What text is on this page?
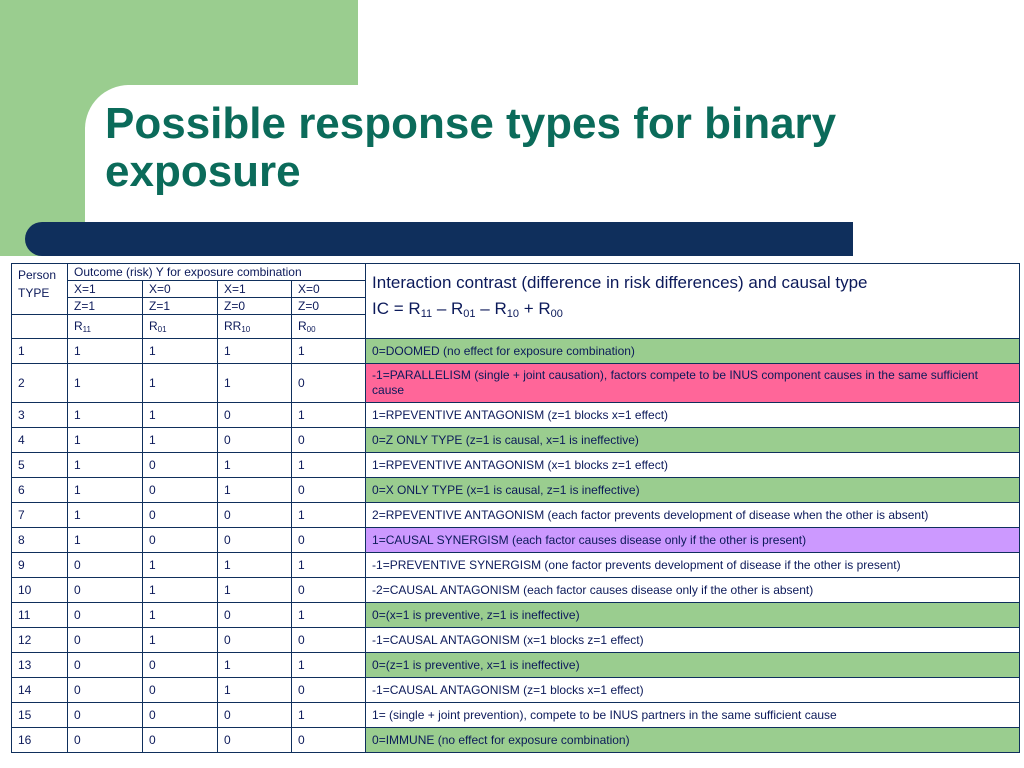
Possible response types for binary exposure
Person
TYPE	Outcome (risk) Y for exposure combination				Interaction contrast (difference in risk differences) and causal type
IC = R11 – R01 – R10 + R00
	X=1	X=0	X=1	X=0	
	Z=1	Z=1	Z=0	Z=0	
	$R_{11}$	$R_{01}$	$RR_{10}$	$R_{00}$
1	1	1	1	1	0=DOOMED (no effect for exposure combination)
2	1	1	1	0	-1=PARALLELISM (single + joint causation), factors compete to be INUS component causes in the same sufficient cause
3	1	1	0	1	1=RPEVENTIVE ANTAGONISM (z=1 blocks x=1 effect)
4	1	1	0	0	0=Z ONLY TYPE (z=1 is causal, x=1 is ineffective)
5	1	0	1	1	1=RPEVENTIVE ANTAGONISM (x=1 blocks z=1 effect)
6	1	0	1	0	0=X ONLY TYPE (x=1 is causal, z=1 is ineffective)
7	1	0	0	1	2=RPEVENTIVE ANTAGONISM (each factor prevents development of disease when the other is absent)
8	1	0	0	0	1=CAUSAL SYNERGISM (each factor causes disease only if the other is present)
9	0	1	1	1	-1=PREVENTIVE SYNERGISM (one factor prevents development of disease if the other is present)
10	0	1	1	0	-2=CAUSAL ANTAGONISM (each factor causes disease only if the other is absent)
11	0	1	0	1	0=(x=1 is preventive, z=1 is ineffective)
12	0	1	0	0	-1=CAUSAL ANTAGONISM (x=1 blocks z=1 effect)
13	0	0	1	1	0=(z=1 is preventive, x=1 is ineffective)
14	0	0	1	0	-1=CAUSAL ANTAGONISM (z=1 blocks x=1 effect)
15	0	0	0	1	1= (single + joint prevention), compete to be INUS partners in the same sufficient cause
16	0	0	0	0	0=IMMUNE (no effect for exposure combination)
